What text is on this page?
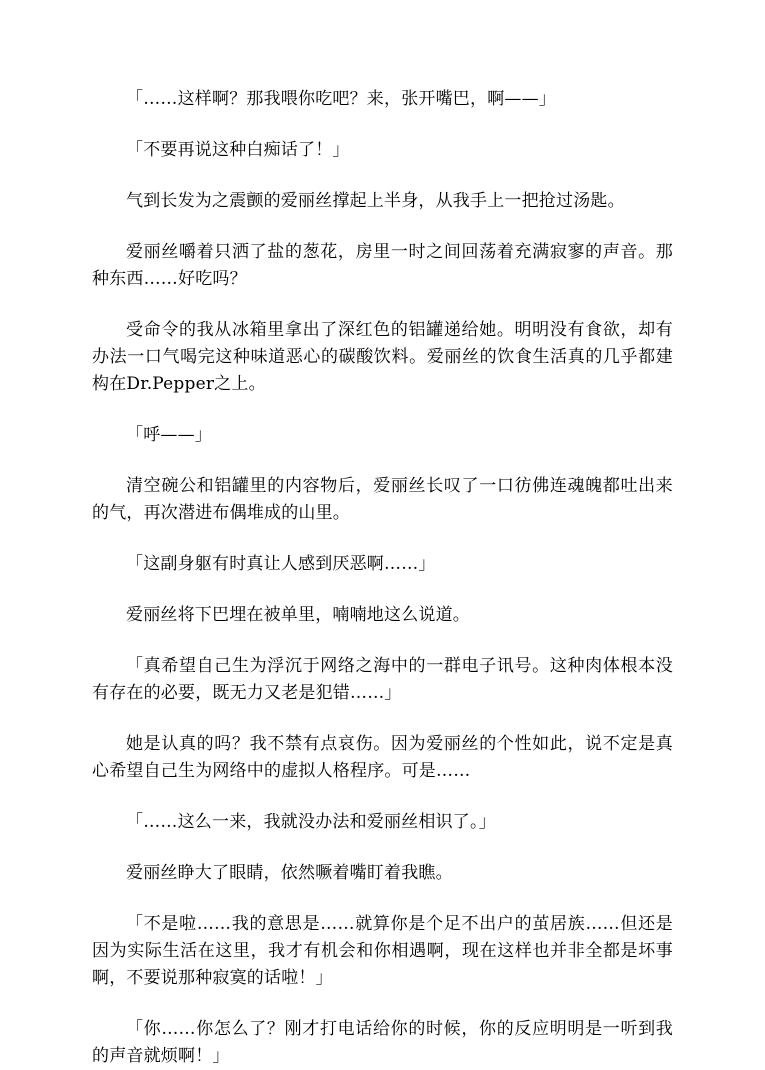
「……这样啊？那我喂你吃吧？来，张开嘴巴，啊——」

「不要再说这种白痴话了！」

气到长发为之震颤的爱丽丝撑起上半身，从我手上一把抢过汤匙。

爱丽丝嚼着只洒了盐的葱花，房里一时之间回荡着充满寂寥的声音。那种东西……好吃吗？

受命令的我从冰箱里拿出了深红色的铝罐递给她。明明没有食欲，却有办法一口气喝完这种味道恶心的碳酸饮料。爱丽丝的饮食生活真的几乎都建构在Dr.Pepper之上。

「呼——」

清空碗公和铝罐里的内容物后，爱丽丝长叹了一口彷佛连魂魄都吐出来的气，再次潜进布偶堆成的山里。

「这副身躯有时真让人感到厌恶啊……」

爱丽丝将下巴埋在被单里，喃喃地这么说道。

「真希望自己生为浮沉于网络之海中的一群电子讯号。这种肉体根本没有存在的必要，既无力又老是犯错……」

她是认真的吗？我不禁有点哀伤。因为爱丽丝的个性如此，说不定是真心希望自己生为网络中的虚拟人格程序。可是……

「……这么一来，我就没办法和爱丽丝相识了。」

爱丽丝睁大了眼睛，依然噘着嘴盯着我瞧。

「不是啦……我的意思是……就算你是个足不出户的茧居族……但还是因为实际生活在这里，我才有机会和你相遇啊，现在这样也并非全都是坏事啊，不要说那种寂寞的话啦！」

「你……你怎么了？刚才打电话给你的时候，你的反应明明是一听到我的声音就烦啊！」
